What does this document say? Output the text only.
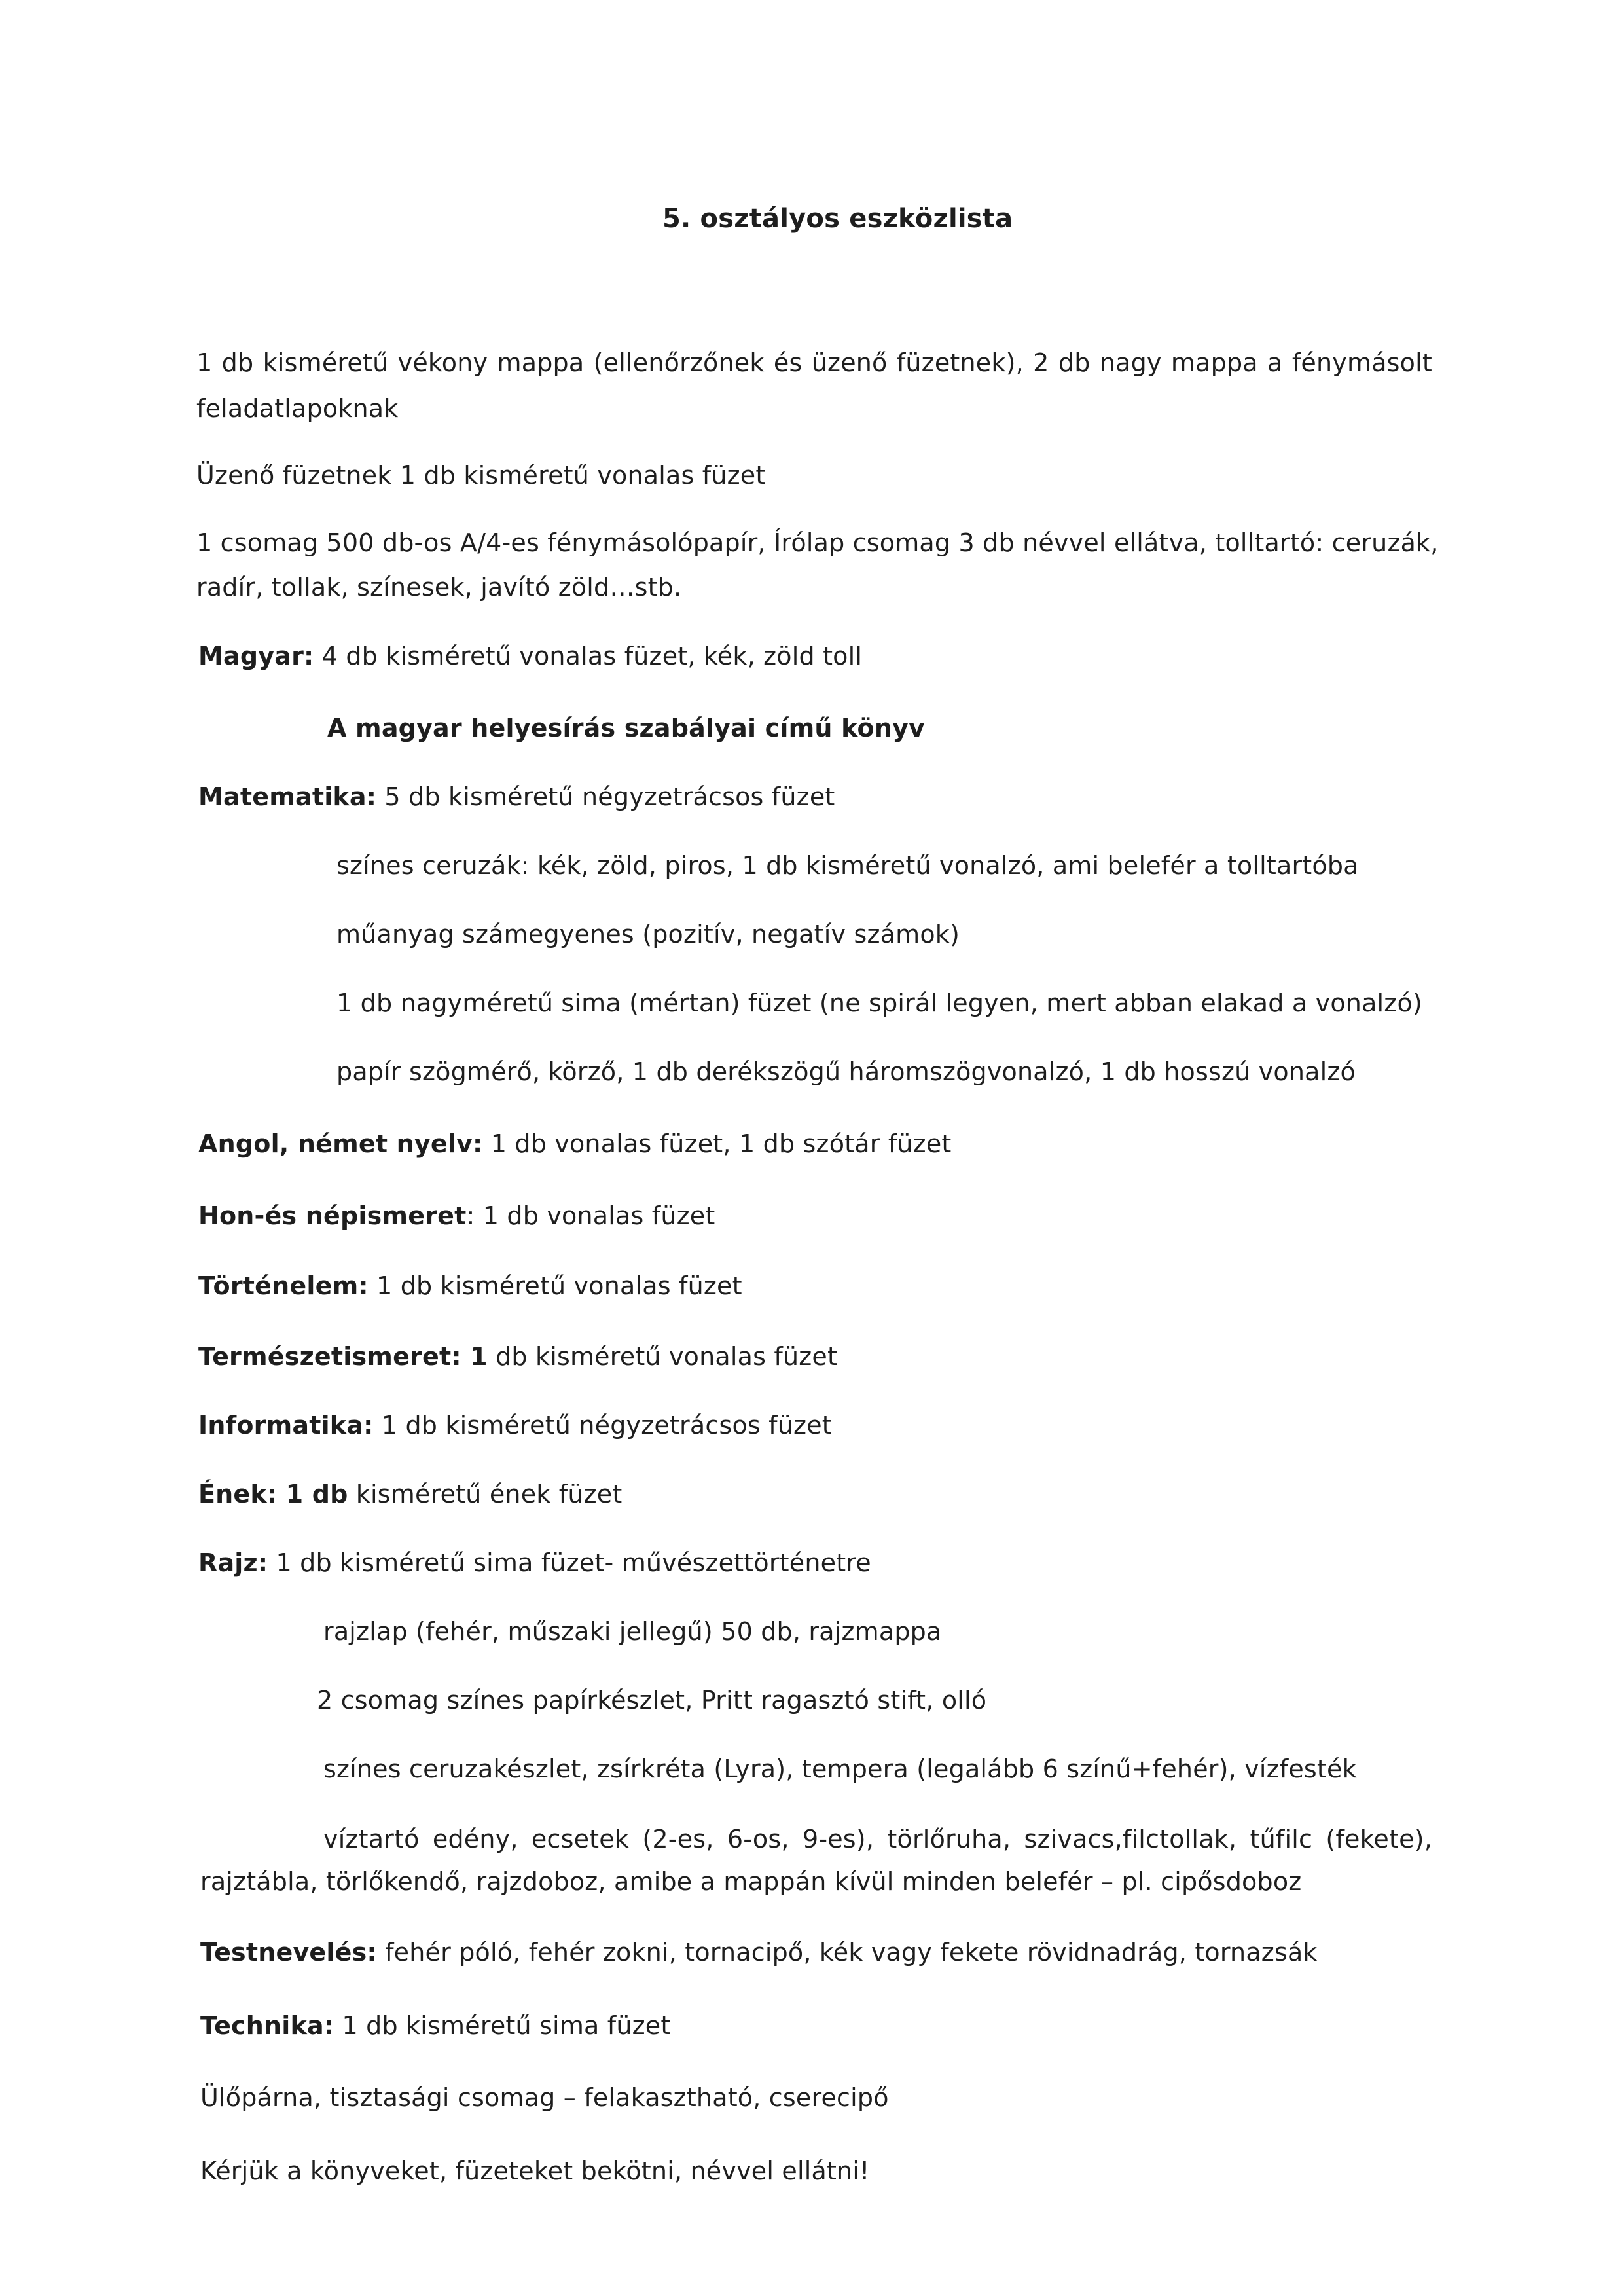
5. osztályos eszközlista
1 db kisméretű vékony mappa (ellenőrzőnek és üzenő füzetnek), 2 db nagy mappa a fénymásolt
feladatlapoknak
Üzenő füzetnek 1 db kisméretű vonalas füzet
1 csomag 500 db-os A/4-es fénymásolópapír, Írólap csomag 3 db névvel ellátva, tolltartó: ceruzák,
radír, tollak, színesek, javító zöld…stb.
Magyar: 4 db kisméretű vonalas füzet, kék, zöld toll
A magyar helyesírás szabályai című könyv
Matematika: 5 db kisméretű négyzetrácsos füzet
színes ceruzák: kék, zöld, piros, 1 db kisméretű vonalzó, ami belefér a tolltartóba
műanyag számegyenes (pozitív, negatív számok)
1 db nagyméretű sima (mértan) füzet (ne spirál legyen, mert abban elakad a vonalzó)
papír szögmérő, körző, 1 db derékszögű háromszögvonalzó, 1 db hosszú vonalzó
Angol, német nyelv: 1 db vonalas füzet, 1 db szótár füzet
Hon-és népismeret: 1 db vonalas füzet
Történelem: 1 db kisméretű vonalas füzet
Természetismeret: 1 db kisméretű vonalas füzet
Informatika: 1 db kisméretű négyzetrácsos füzet
Ének: 1 db kisméretű ének füzet
Rajz: 1 db kisméretű sima füzet- művészettörténetre
rajzlap (fehér, műszaki jellegű) 50 db, rajzmappa
2 csomag színes papírkészlet, Pritt ragasztó stift, olló
színes ceruzakészlet, zsírkréta (Lyra), tempera (legalább 6 színű+fehér), vízfesték
víztartó edény, ecsetek (2-es, 6-os, 9-es), törlőruha, szivacs,filctollak, tűfilc (fekete),
rajztábla, törlőkendő, rajzdoboz, amibe a mappán kívül minden belefér – pl. cipősdoboz
Testnevelés: fehér póló, fehér zokni, tornacipő, kék vagy fekete rövidnadrág, tornazsák
Technika: 1 db kisméretű sima füzet
Ülőpárna, tisztasági csomag – felakasztható, cserecipő
Kérjük a könyveket, füzeteket bekötni, névvel ellátni!
